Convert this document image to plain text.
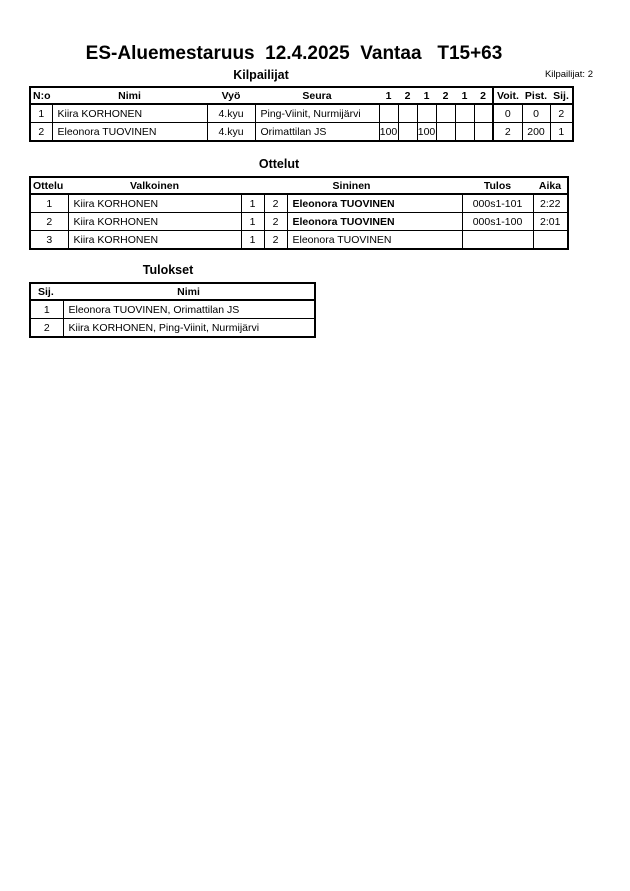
ES-Aluemestaruus  12.4.2025  Vantaa   T15+63
Kilpailijat	Kilpailijat: 2
N:o	Nimi	Vyö	Seura	1	2	1	2	1	2	Voit.	Pist.	Sij.
1	Kiira KORHONEN	4.kyu	Ping-Viinit, Nurmijärvi							0	0	2
2	Eleonora TUOVINEN	4.kyu	Orimattilan JS	100		100				2	200	1
Ottelut
Ottelu	Valkoinen	Sininen			Tulos	Aika
1	Kiira KORHONEN	1	2	Eleonora TUOVINEN	000s1-101	2:22
2	Kiira KORHONEN	1	2	Eleonora TUOVINEN	000s1-100	2:01
3	Kiira KORHONEN	1	2	Eleonora TUOVINEN		
Tulokset
Sij.	Nimi
1	Eleonora TUOVINEN, Orimattilan JS
2	Kiira KORHONEN, Ping-Viinit, Nurmijärvi
